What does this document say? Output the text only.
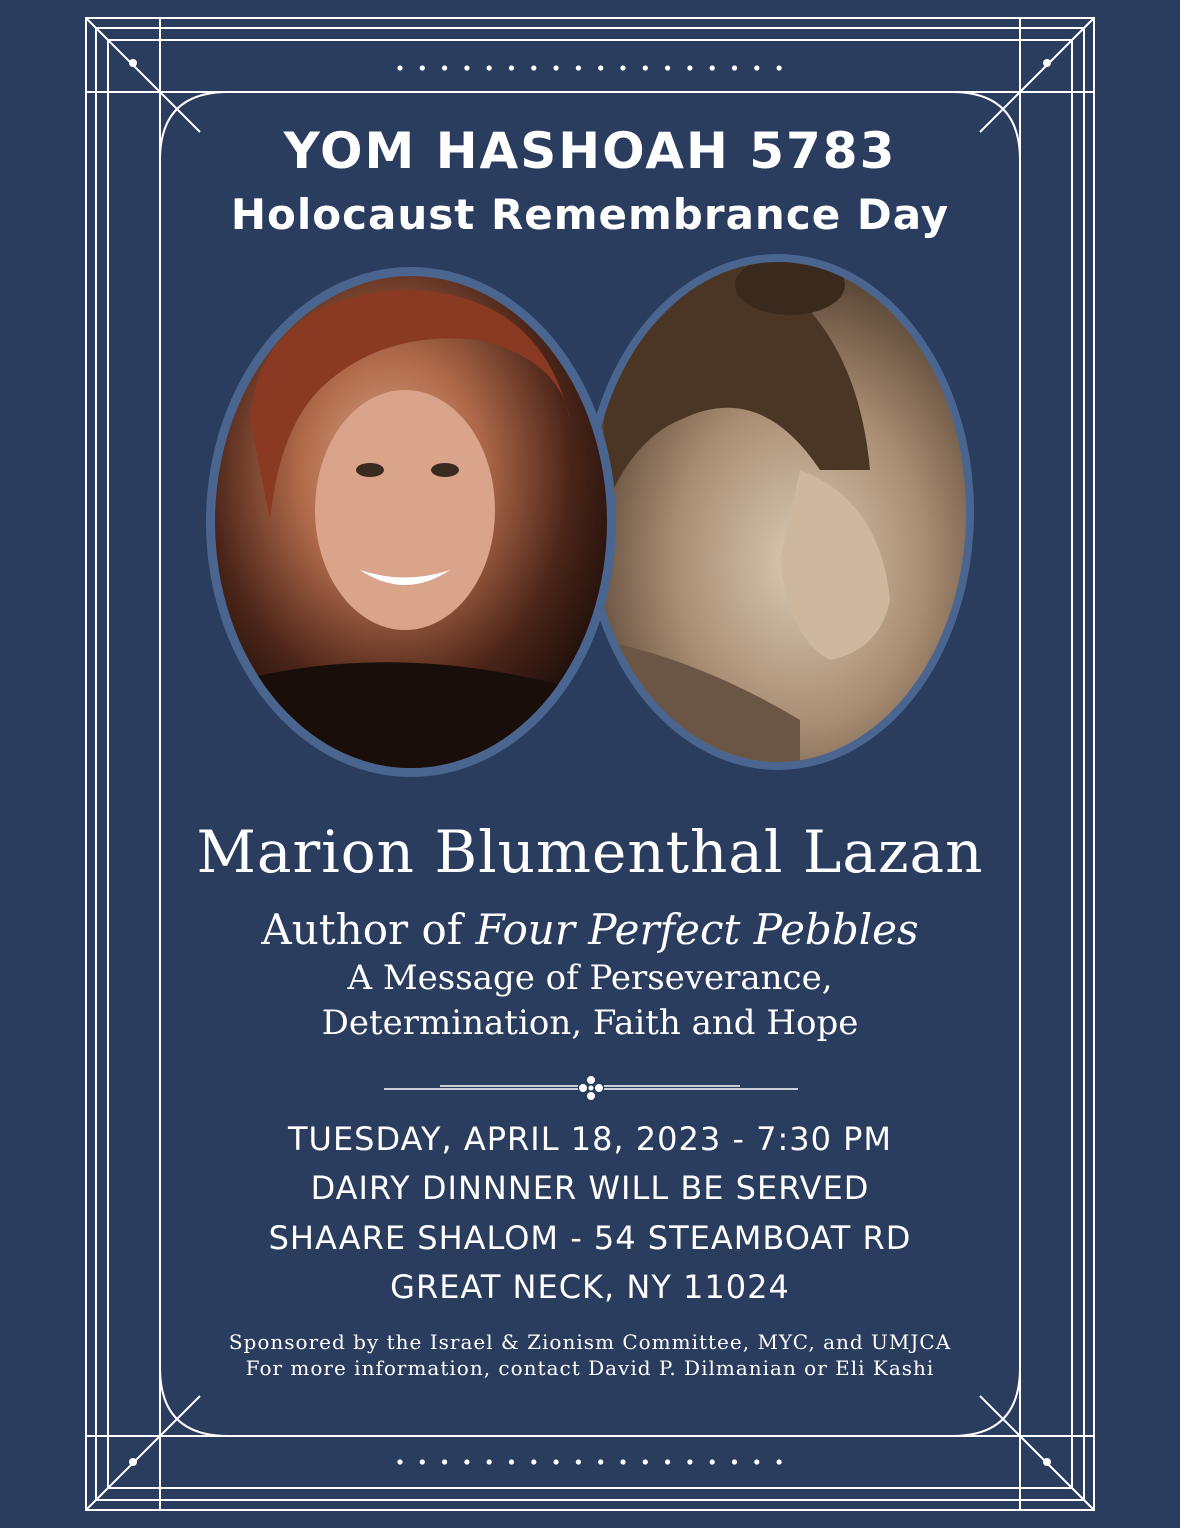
YOM HASHOAH 5783
Holocaust Remembrance Day
Marion Blumenthal Lazan
Author of Four Perfect Pebbles
A Message of Perseverance,
Determination, Faith and Hope
TUESDAY, APRIL 18, 2023 - 7:30 PM
DAIRY DINNNER WILL BE SERVED
SHAARE SHALOM - 54 STEAMBOAT RD
GREAT NECK, NY 11024
Sponsored by the Israel & Zionism Committee, MYC, and UMJCA
For more information, contact David P. Dilmanian or Eli Kashi
